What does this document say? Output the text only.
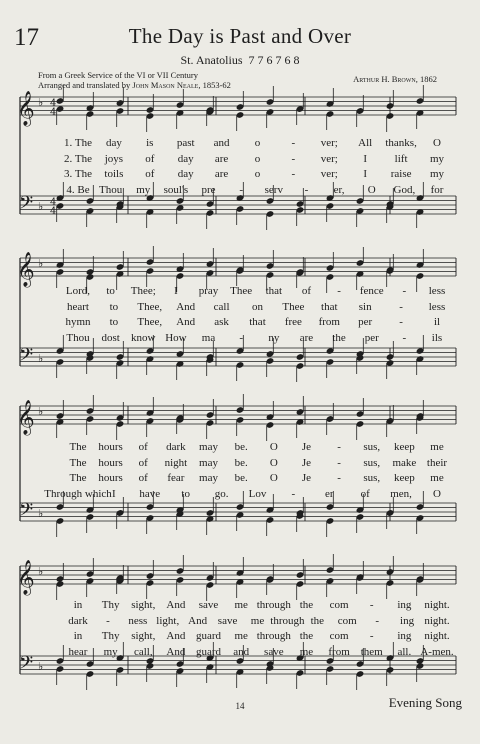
17	The Day is Past and Over
St. Anatolius 7 7 6 7 6 8
From a Greek Service of the VI or VII Century
Arranged and translated by John Mason Neale, 1853-62
Arthur H. Brown, 1862
𝄞
𝄢
♭
♭
4
4
4
4
𝄞
𝄢
♭
♭
𝄞
𝄢
♭
♭
𝄞
𝄢
♭
♭
1. The day is past and o	- ver; All thanks, O
2. The joys of day are o	- ver; I	lift my
3. The toils of day are o	- ver; I raise my
4. Be Thou my soul's pre - serv - er, O God, for
Lord, to Thee; I pray Thee that of - fence - less
heart to Thee, And call on Thee that sin	- less
hymn to Thee, And ask that free from per -	il
Thou dost know How ma - ny are the per - ils
The hours of dark may be. O Je - sus, keep me
The hours of night may be. O Je - sus, make their
The hours of fear may be. O Je - sus, keep me
Through which I have to go. Lov -	er of men, O
in Thy sight, And save me through the com - ing night.
dark - ness light, And save me through the com - ing night.
in Thy sight, And guard me through the com - ing night.
hear my call, And guard and save me from them all. A-men.
14	Evening Song
